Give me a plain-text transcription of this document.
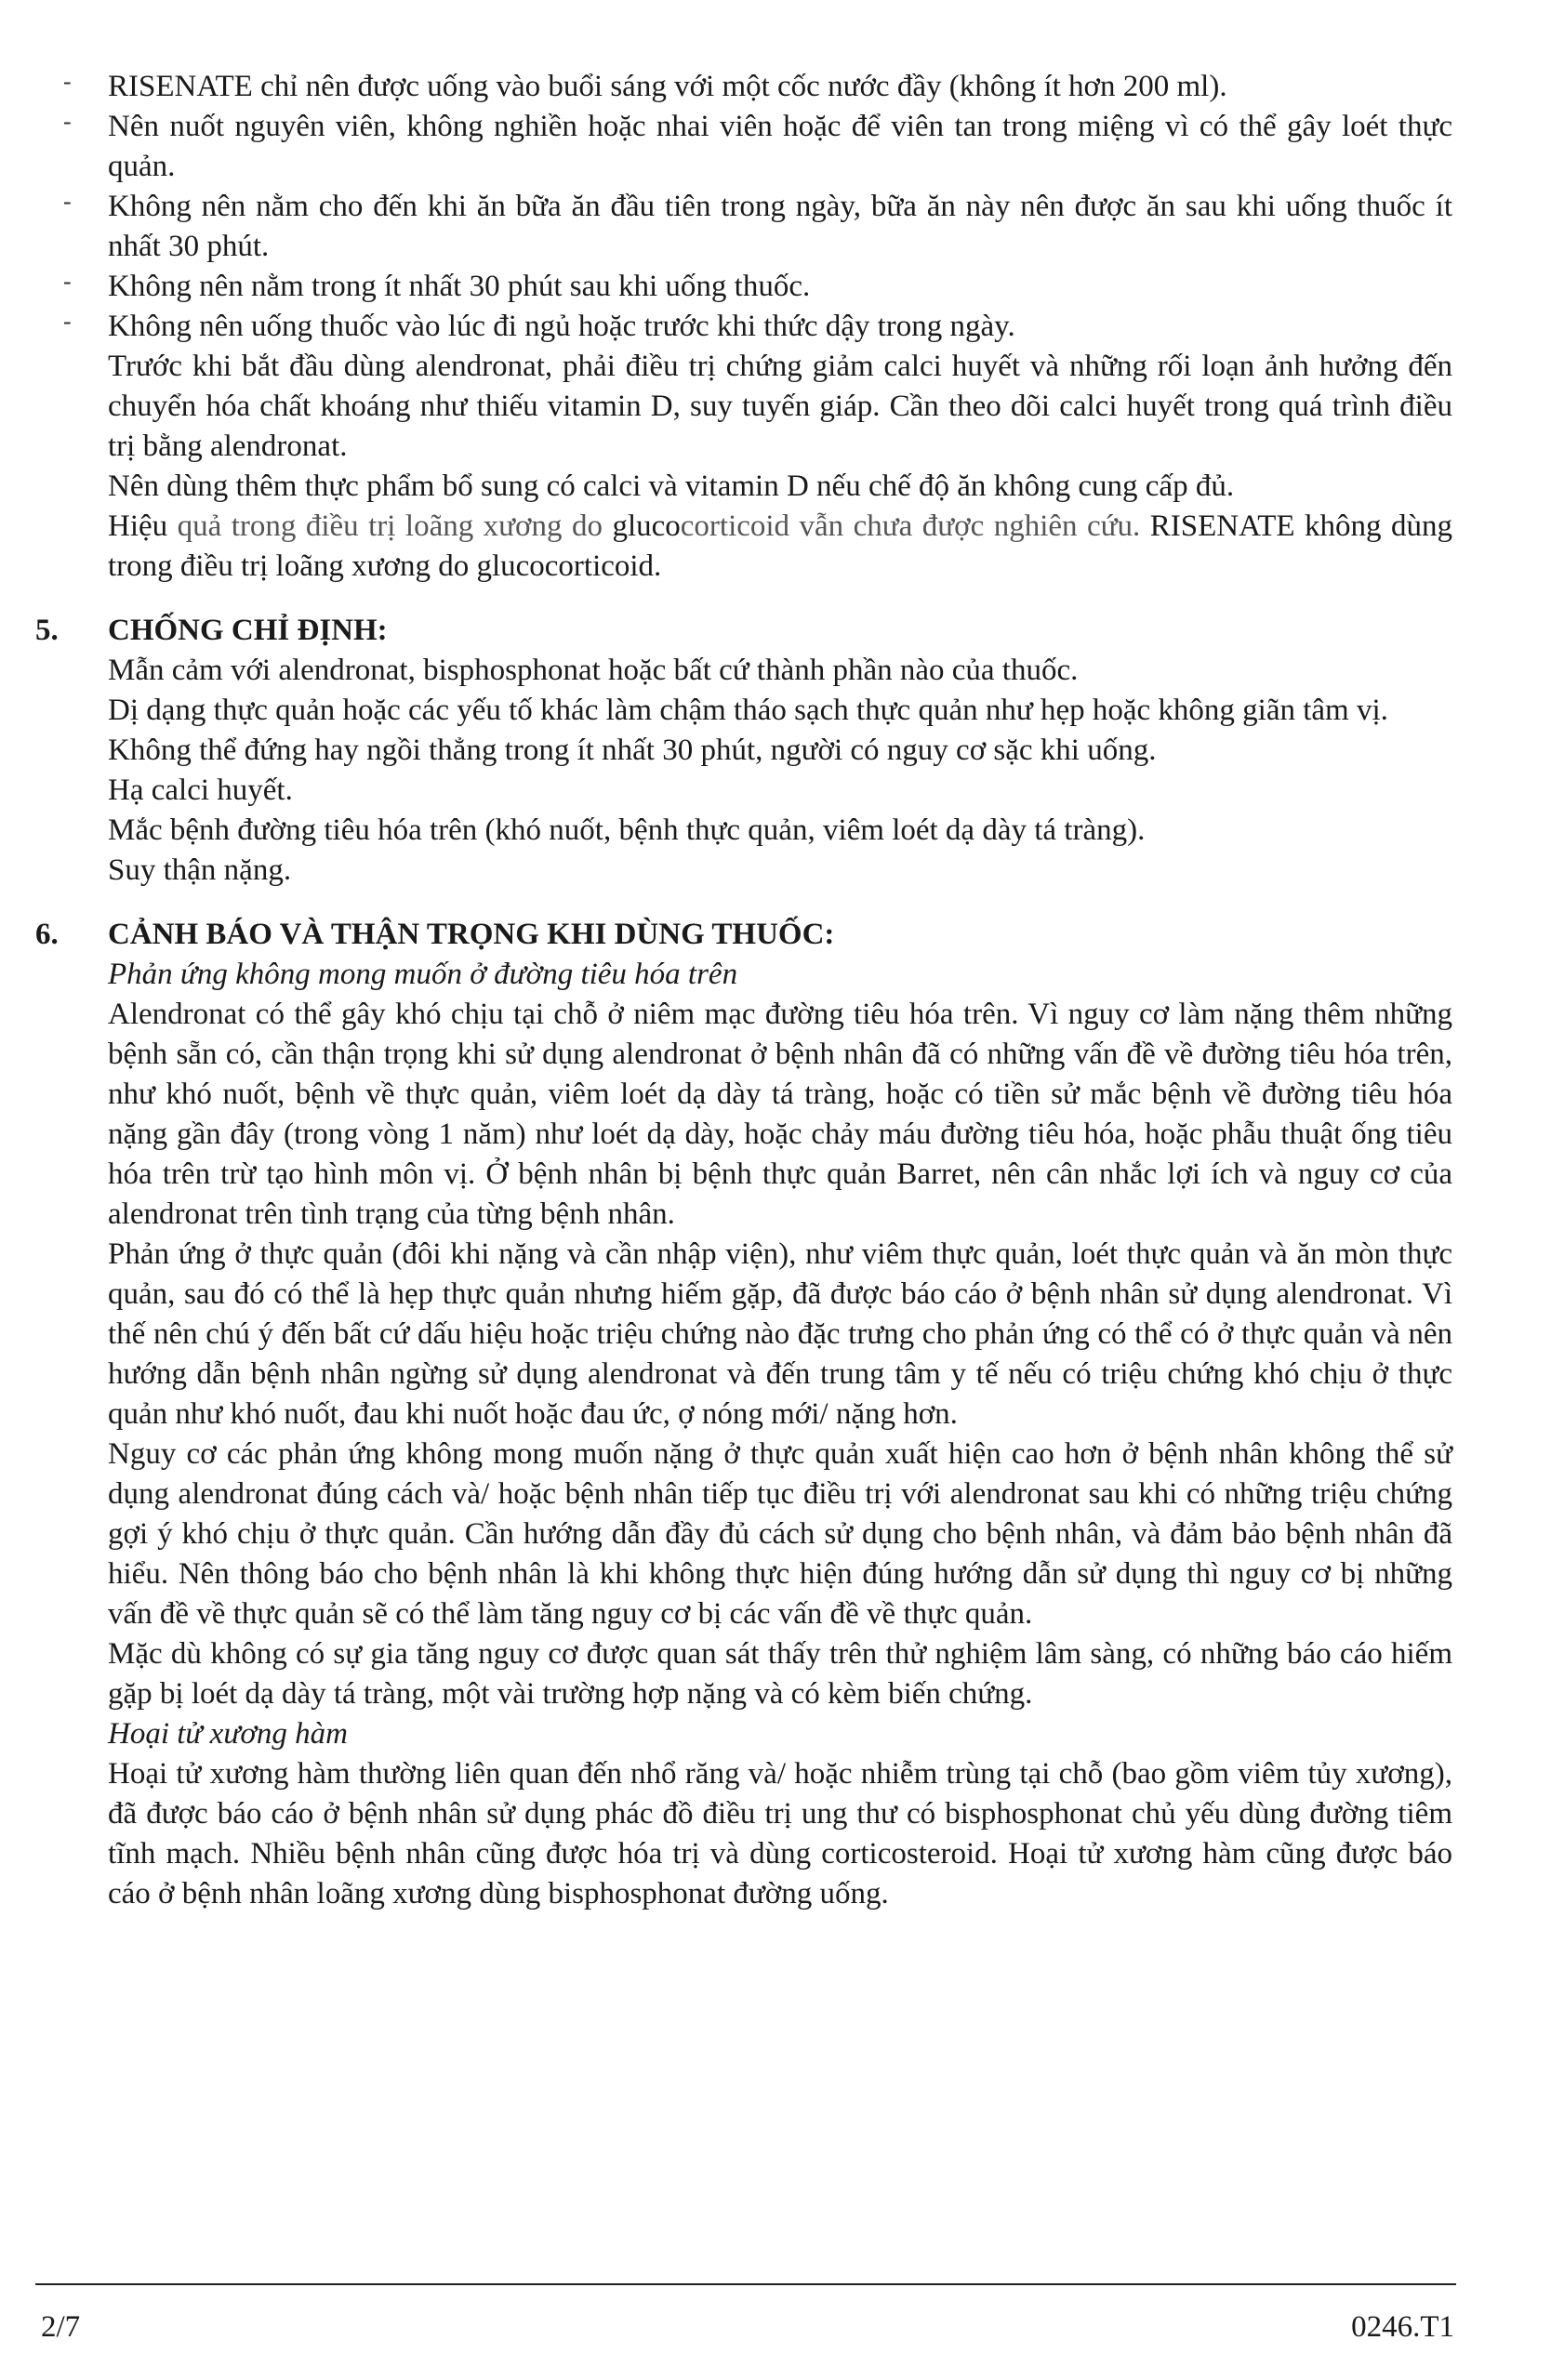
- RISENATE chỉ nên được uống vào buổi sáng với một cốc nước đầy (không ít hơn 200 ml).
- Nên nuốt nguyên viên, không nghiền hoặc nhai viên hoặc để viên tan trong miệng vì có thể gây loét thực quản.
- Không nên nằm cho đến khi ăn bữa ăn đầu tiên trong ngày, bữa ăn này nên được ăn sau khi uống thuốc ít nhất 30 phút.
- Không nên nằm trong ít nhất 30 phút sau khi uống thuốc.
- Không nên uống thuốc vào lúc đi ngủ hoặc trước khi thức dậy trong ngày.

Trước khi bắt đầu dùng alendronat, phải điều trị chứng giảm calci huyết và những rối loạn ảnh hưởng đến chuyển hóa chất khoáng như thiếu vitamin D, suy tuyến giáp. Cần theo dõi calci huyết trong quá trình điều trị bằng alendronat.

Nên dùng thêm thực phẩm bổ sung có calci và vitamin D nếu chế độ ăn không cung cấp đủ.

Hiệu quả trong điều trị loãng xương do glucocorticoid vẫn chưa được nghiên cứu. RISENATE không dùng trong điều trị loãng xương do glucocorticoid.

5. CHỐNG CHỈ ĐỊNH:

Mẫn cảm với alendronat, bisphosphonat hoặc bất cứ thành phần nào của thuốc.

Dị dạng thực quản hoặc các yếu tố khác làm chậm tháo sạch thực quản như hẹp hoặc không giãn tâm vị.

Không thể đứng hay ngồi thẳng trong ít nhất 30 phút, người có nguy cơ sặc khi uống.

Hạ calci huyết.

Mắc bệnh đường tiêu hóa trên (khó nuốt, bệnh thực quản, viêm loét dạ dày tá tràng).

Suy thận nặng.

6. CẢNH BÁO VÀ THẬN TRỌNG KHI DÙNG THUỐC:

Phản ứng không mong muốn ở đường tiêu hóa trên

Alendronat có thể gây khó chịu tại chỗ ở niêm mạc đường tiêu hóa trên. Vì nguy cơ làm nặng thêm những bệnh sẵn có, cần thận trọng khi sử dụng alendronat ở bệnh nhân đã có những vấn đề về đường tiêu hóa trên, như khó nuốt, bệnh về thực quản, viêm loét dạ dày tá tràng, hoặc có tiền sử mắc bệnh về đường tiêu hóa nặng gần đây (trong vòng 1 năm) như loét dạ dày, hoặc chảy máu đường tiêu hóa, hoặc phẫu thuật ống tiêu hóa trên trừ tạo hình môn vị. Ở bệnh nhân bị bệnh thực quản Barret, nên cân nhắc lợi ích và nguy cơ của alendronat trên tình trạng của từng bệnh nhân.

Phản ứng ở thực quản (đôi khi nặng và cần nhập viện), như viêm thực quản, loét thực quản và ăn mòn thực quản, sau đó có thể là hẹp thực quản nhưng hiếm gặp, đã được báo cáo ở bệnh nhân sử dụng alendronat. Vì thế nên chú ý đến bất cứ dấu hiệu hoặc triệu chứng nào đặc trưng cho phản ứng có thể có ở thực quản và nên hướng dẫn bệnh nhân ngừng sử dụng alendronat và đến trung tâm y tế nếu có triệu chứng khó chịu ở thực quản như khó nuốt, đau khi nuốt hoặc đau ức, ợ nóng mới/ nặng hơn.

Nguy cơ các phản ứng không mong muốn nặng ở thực quản xuất hiện cao hơn ở bệnh nhân không thể sử dụng alendronat đúng cách và/ hoặc bệnh nhân tiếp tục điều trị với alendronat sau khi có những triệu chứng gợi ý khó chịu ở thực quản. Cần hướng dẫn đầy đủ cách sử dụng cho bệnh nhân, và đảm bảo bệnh nhân đã hiểu. Nên thông báo cho bệnh nhân là khi không thực hiện đúng hướng dẫn sử dụng thì nguy cơ bị những vấn đề về thực quản sẽ có thể làm tăng nguy cơ bị các vấn đề về thực quản.

Mặc dù không có sự gia tăng nguy cơ được quan sát thấy trên thử nghiệm lâm sàng, có những báo cáo hiếm gặp bị loét dạ dày tá tràng, một vài trường hợp nặng và có kèm biến chứng.

Hoại tử xương hàm

Hoại tử xương hàm thường liên quan đến nhổ răng và/ hoặc nhiễm trùng tại chỗ (bao gồm viêm tủy xương), đã được báo cáo ở bệnh nhân sử dụng phác đồ điều trị ung thư có bisphosphonat chủ yếu dùng đường tiêm tĩnh mạch. Nhiều bệnh nhân cũng được hóa trị và dùng corticosteroid. Hoại tử xương hàm cũng được báo cáo ở bệnh nhân loãng xương dùng bisphosphonat đường uống.

2/7	0246.T1
